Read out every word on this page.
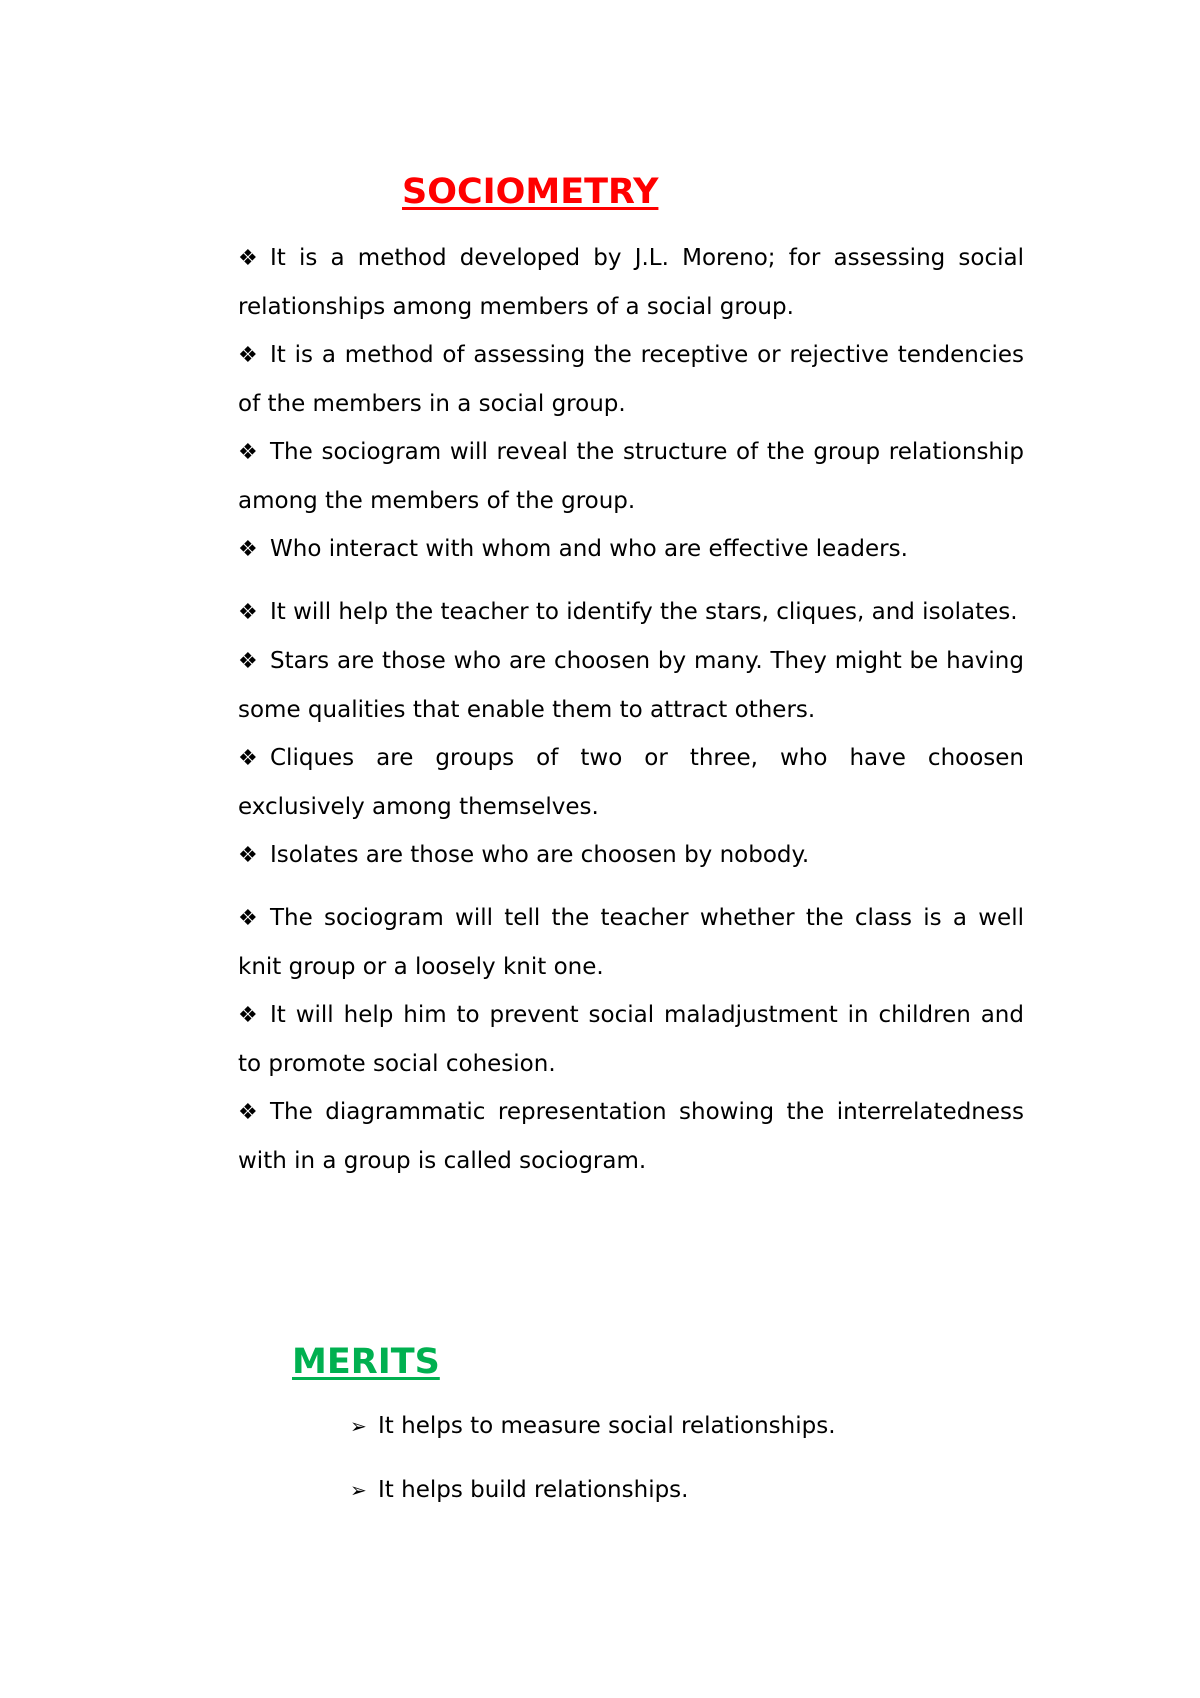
SOCIOMETRY
❖ It is a method developed by J.L. Moreno; for assessing social relationships among members of a social group.
❖ It is a method of assessing the receptive or rejective tendencies of the members in a social group.
❖ The sociogram will reveal the structure of the group relationship among the members of the group.
❖ Who interact with whom and who are effective leaders.
❖ It will help the teacher to identify the stars, cliques, and isolates.
❖ Stars are those who are choosen by many. They might be having some qualities that enable them to attract others.
❖ Cliques are groups of two or three, who have choosen exclusively among themselves.
❖ Isolates are those who are choosen by nobody.
❖ The sociogram will tell the teacher whether the class is a well knit group or a loosely knit one.
❖ It will help him to prevent social maladjustment in children and to promote social cohesion.
❖ The diagrammatic representation showing the interrelatedness with in a group is called sociogram.
MERITS
➢ It helps to measure social relationships.
➢ It helps build relationships.
